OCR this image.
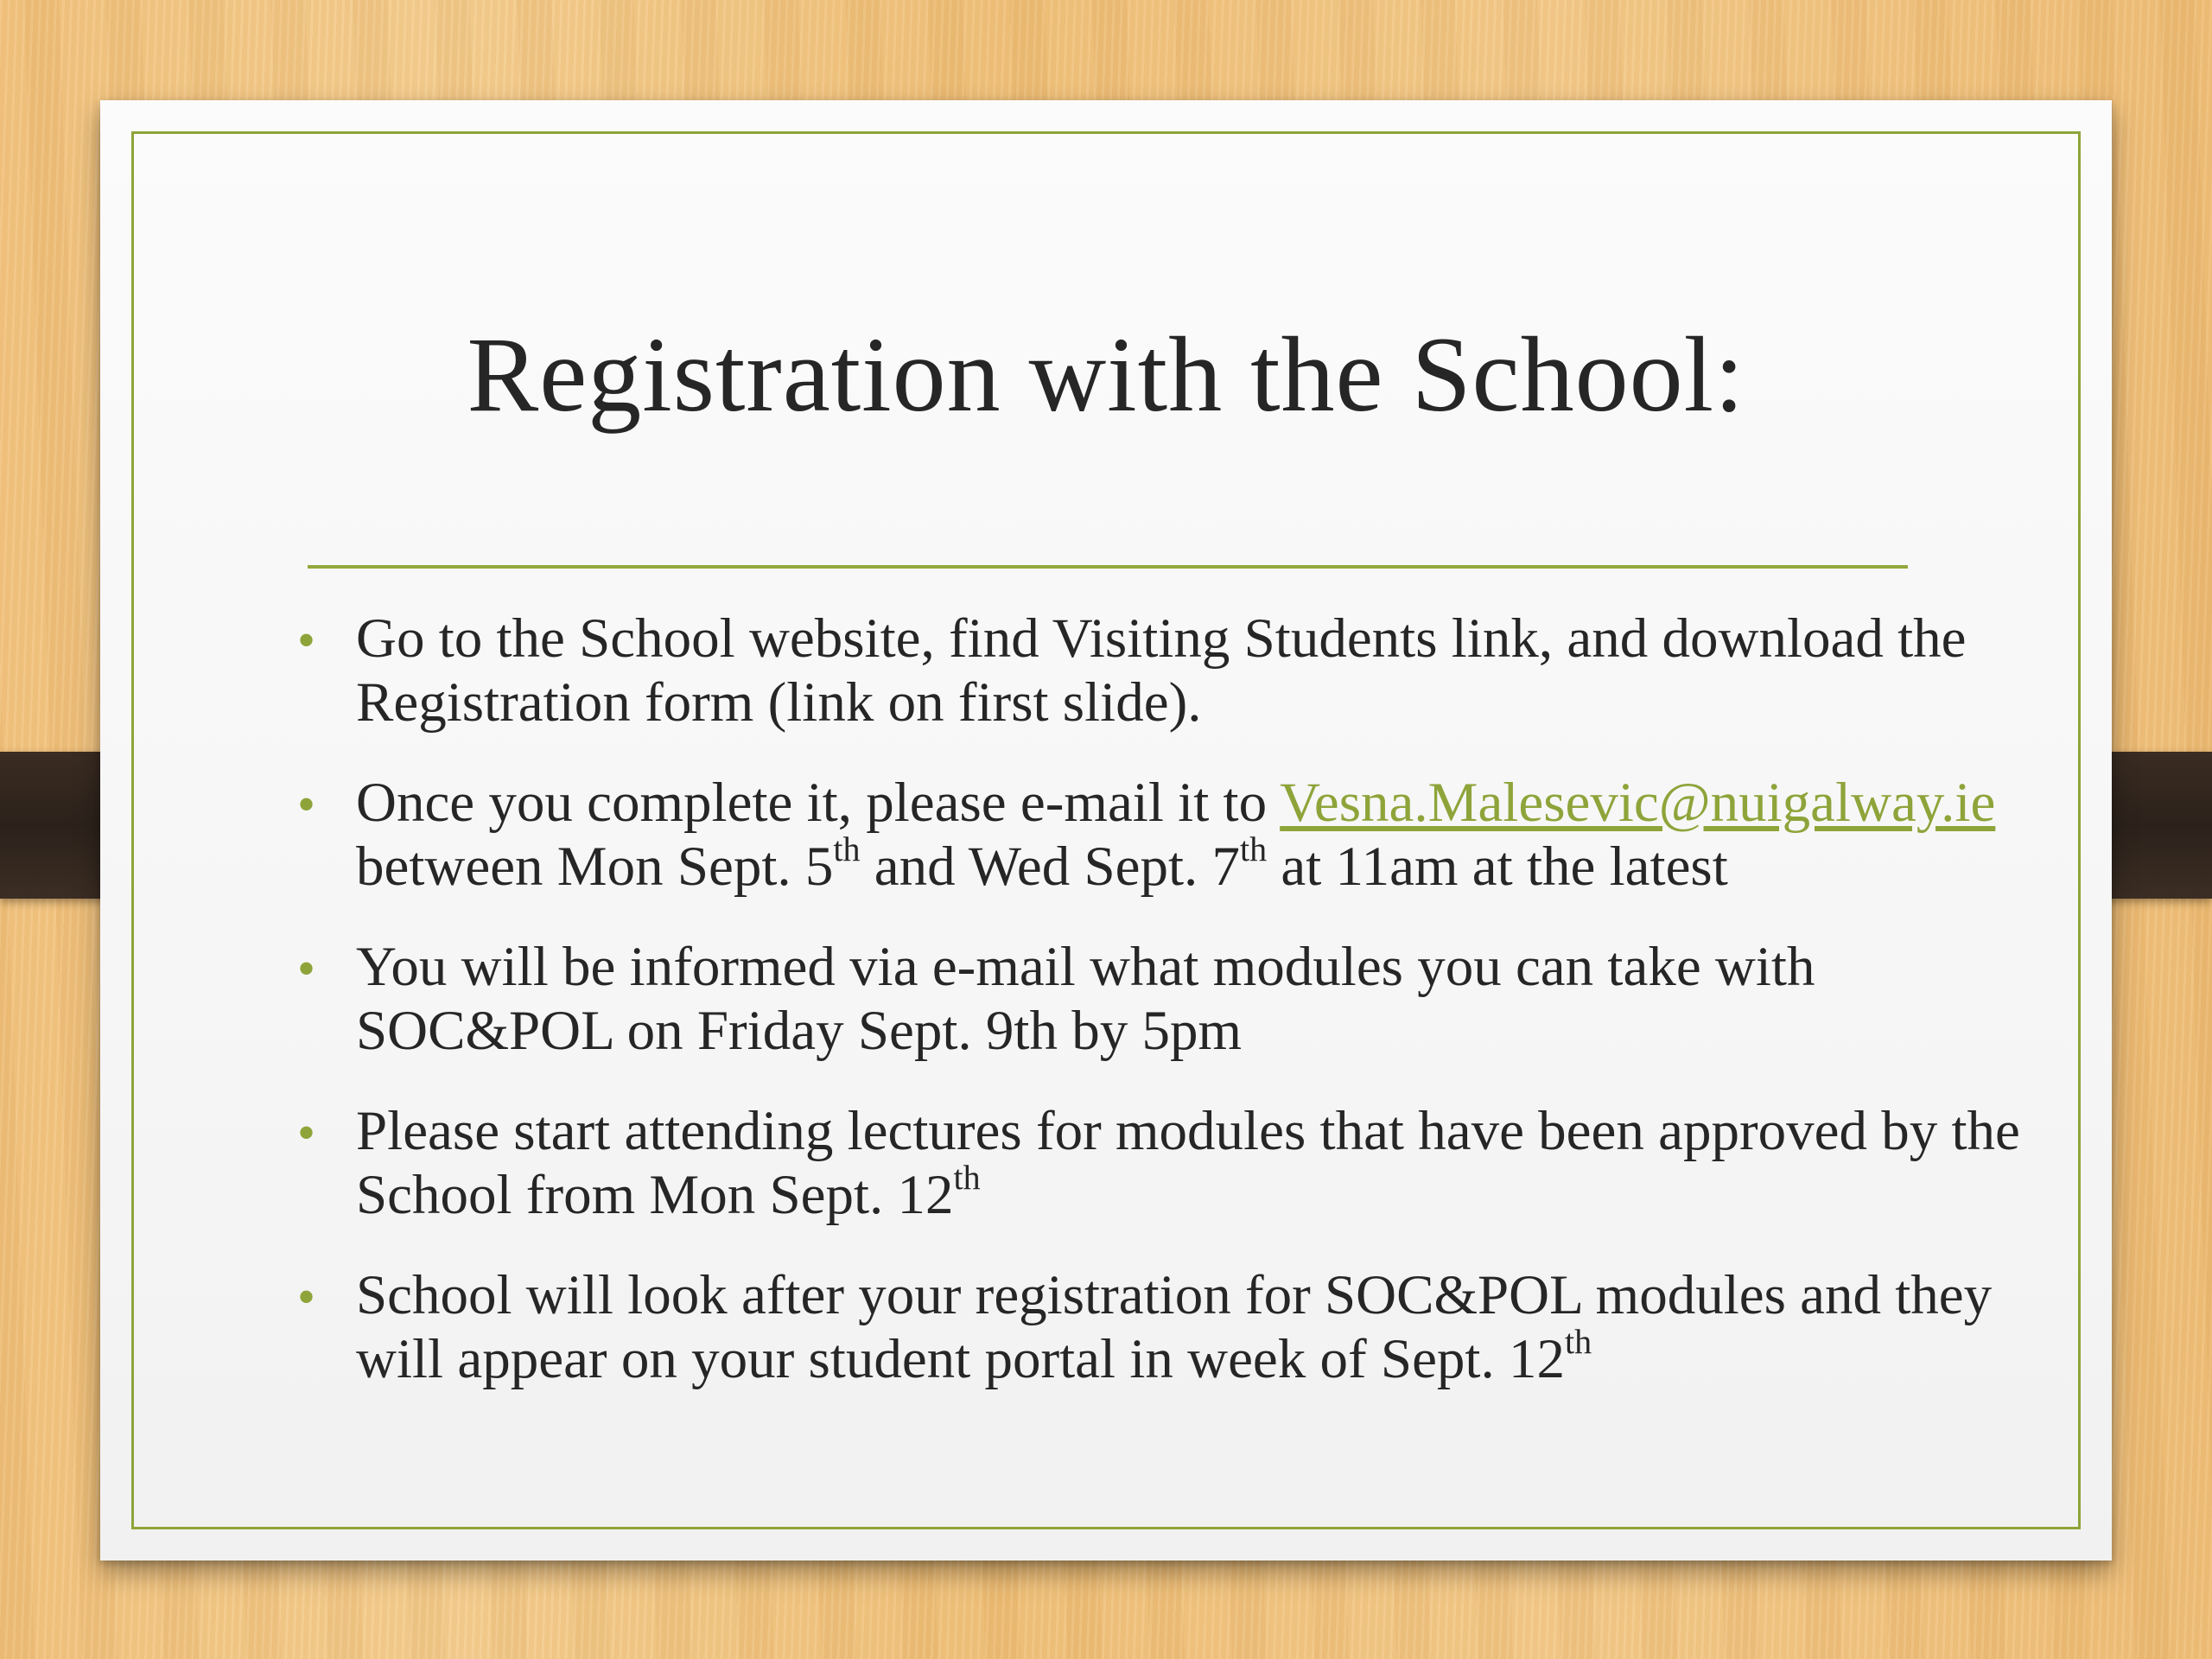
Registration with the School:
• Go to the School website, find Visiting Students link, and download the Registration form (link on first slide).
• Once you complete it, please e-mail it to Vesna.Malesevic@nuigalway.ie between Mon Sept. 5th and Wed Sept. 7th at 11am at the latest
• You will be informed via e-mail what modules you can take with SOC&POL on Friday Sept. 9th by 5pm
• Please start attending lectures for modules that have been approved by the School from Mon Sept. 12th
• School will look after your registration for SOC&POL modules and they will appear on your student portal in week of Sept. 12th
